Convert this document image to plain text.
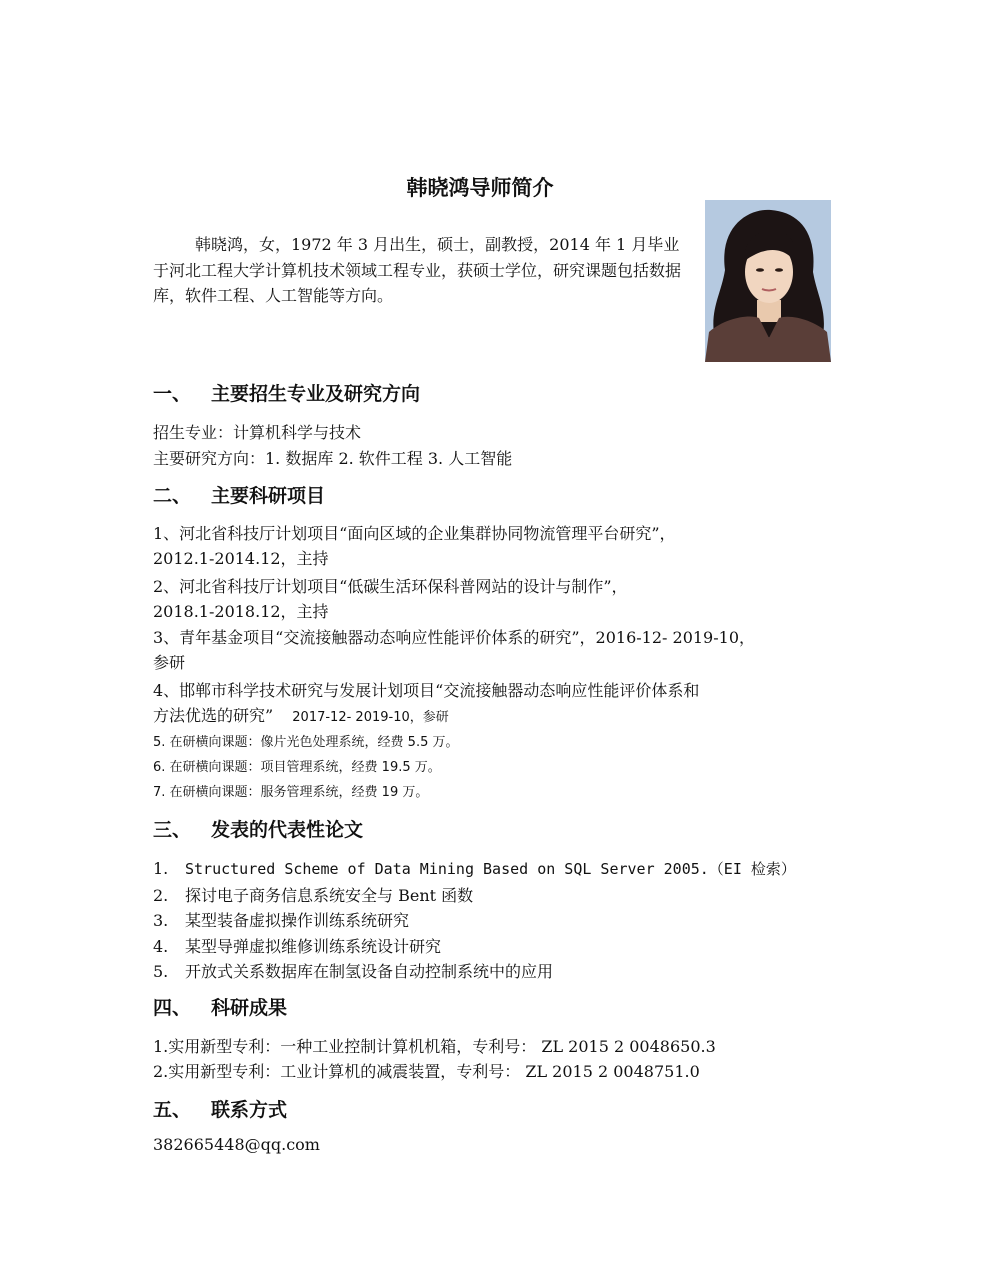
韩晓鸿导师简介
韩晓鸿，女，1972 年 3 月出生，硕士，副教授，2014 年 1 月毕业于河北工程大学计算机技术领域工程专业，获硕士学位，研究课题包括数据库，软件工程、人工智能等方向。
一、 主要招生专业及研究方向
招生专业：计算机科学与技术
主要研究方向：1. 数据库 2. 软件工程 3. 人工智能
二、 主要科研项目
1、河北省科技厅计划项目“面向区域的企业集群协同物流管理平台研究”，
2012.1-2014.12，主持
2、河北省科技厅计划项目“低碳生活环保科普网站的设计与制作”，
2018.1-2018.12，主持
3、青年基金项目“交流接触器动态响应性能评价体系的研究”，2016-12- 2019-10，
参研
4、邯郸市科学技术研究与发展计划项目“交流接触器动态响应性能评价体系和
方法优选的研究” 2017-12- 2019-10，参研
5. 在研横向课题：像片光色处理系统，经费 5.5 万。
6. 在研横向课题：项目管理系统，经费 19.5 万。
7. 在研横向课题：服务管理系统，经费 19 万。
三、 发表的代表性论文
1. Structured Scheme of Data Mining Based on SQL Server 2005.（EI 检索）
2. 探讨电子商务信息系统安全与 Bent 函数
3. 某型装备虚拟操作训练系统研究
4. 某型导弹虚拟维修训练系统设计研究
5. 开放式关系数据库在制氢设备自动控制系统中的应用
四、 科研成果
1.实用新型专利：一种工业控制计算机机箱，专利号： ZL 2015 2 0048650.3
2.实用新型专利：工业计算机的减震装置，专利号： ZL 2015 2 0048751.0
五、 联系方式
382665448@qq.com
